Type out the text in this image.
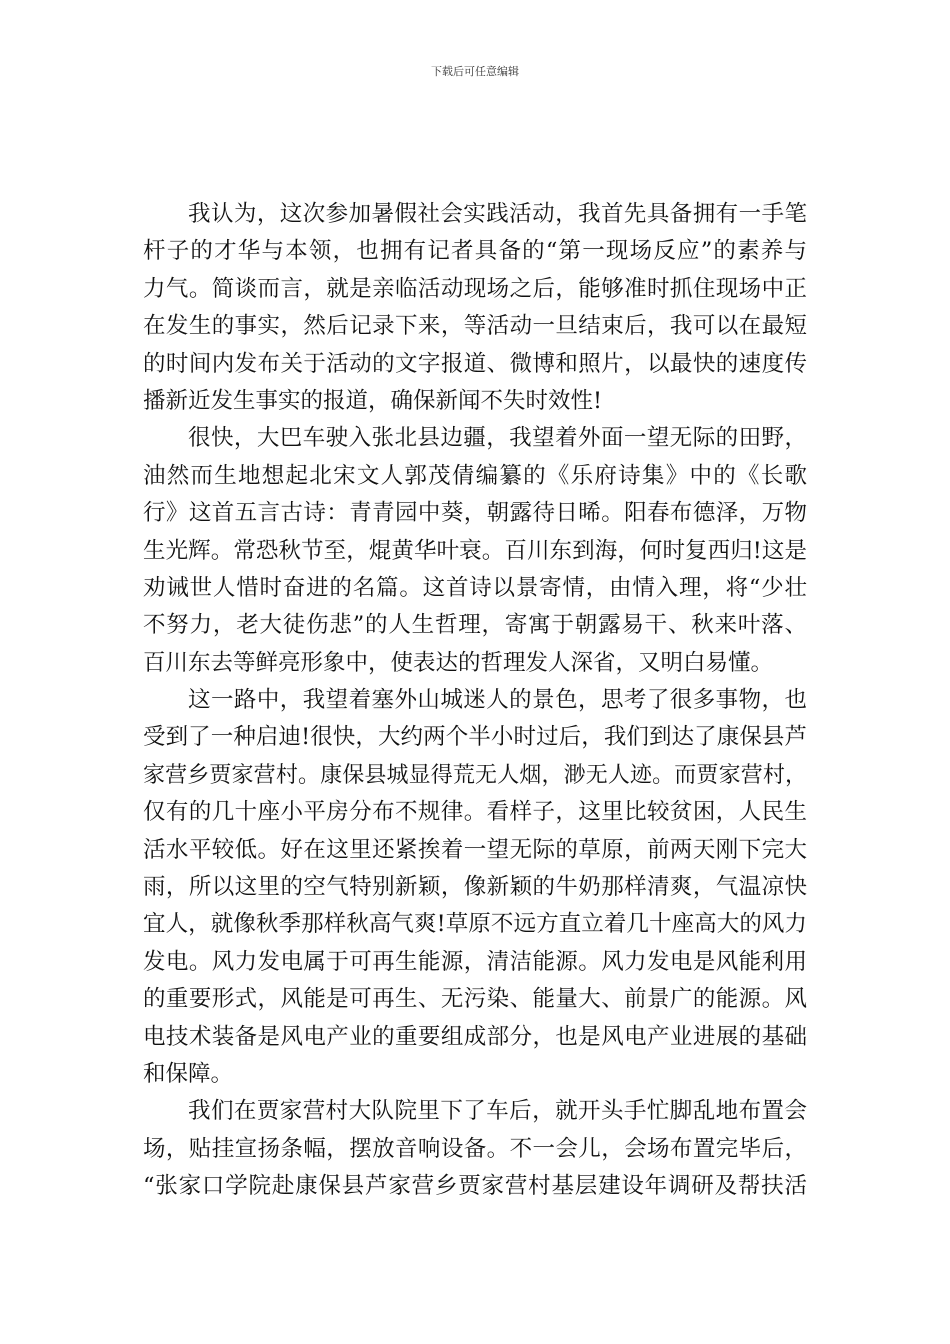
下载后可任意编辑
我认为，这次参加暑假社会实践活动，我首先具备拥有一手笔
杆子的才华与本领，也拥有记者具备的“第一现场反应”的素养与
力气。简谈而言，就是亲临活动现场之后，能够准时抓住现场中正
在发生的事实，然后记录下来，等活动一旦结束后，我可以在最短
的时间内发布关于活动的文字报道、微博和照片，以最快的速度传
播新近发生事实的报道，确保新闻不失时效性!
很快，大巴车驶入张北县边疆，我望着外面一望无际的田野，
油然而生地想起北宋文人郭茂倩编纂的《乐府诗集》中的《长歌
行》这首五言古诗：青青园中葵，朝露待日晞。阳春布德泽，万物
生光辉。常恐秋节至，焜黄华叶衰。百川东到海，何时复西归!这是
劝诫世人惜时奋进的名篇。这首诗以景寄情，由情入理，将“少壮
不努力，老大徒伤悲”的人生哲理，寄寓于朝露易干、秋来叶落、
百川东去等鲜亮形象中，使表达的哲理发人深省，又明白易懂。
这一路中，我望着塞外山城迷人的景色，思考了很多事物，也
受到了一种启迪!很快，大约两个半小时过后，我们到达了康保县芦
家营乡贾家营村。康保县城显得荒无人烟，渺无人迹。而贾家营村，
仅有的几十座小平房分布不规律。看样子，这里比较贫困，人民生
活水平较低。好在这里还紧挨着一望无际的草原，前两天刚下完大
雨，所以这里的空气特别新颖，像新颖的牛奶那样清爽，气温凉快
宜人，就像秋季那样秋高气爽!草原不远方直立着几十座高大的风力
发电。风力发电属于可再生能源，清洁能源。风力发电是风能利用
的重要形式，风能是可再生、无污染、能量大、前景广的能源。风
电技术装备是风电产业的重要组成部分，也是风电产业进展的基础
和保障。
我们在贾家营村大队院里下了车后，就开头手忙脚乱地布置会
场，贴挂宣扬条幅，摆放音响设备。不一会儿，会场布置完毕后，
“张家口学院赴康保县芦家营乡贾家营村基层建设年调研及帮扶活
